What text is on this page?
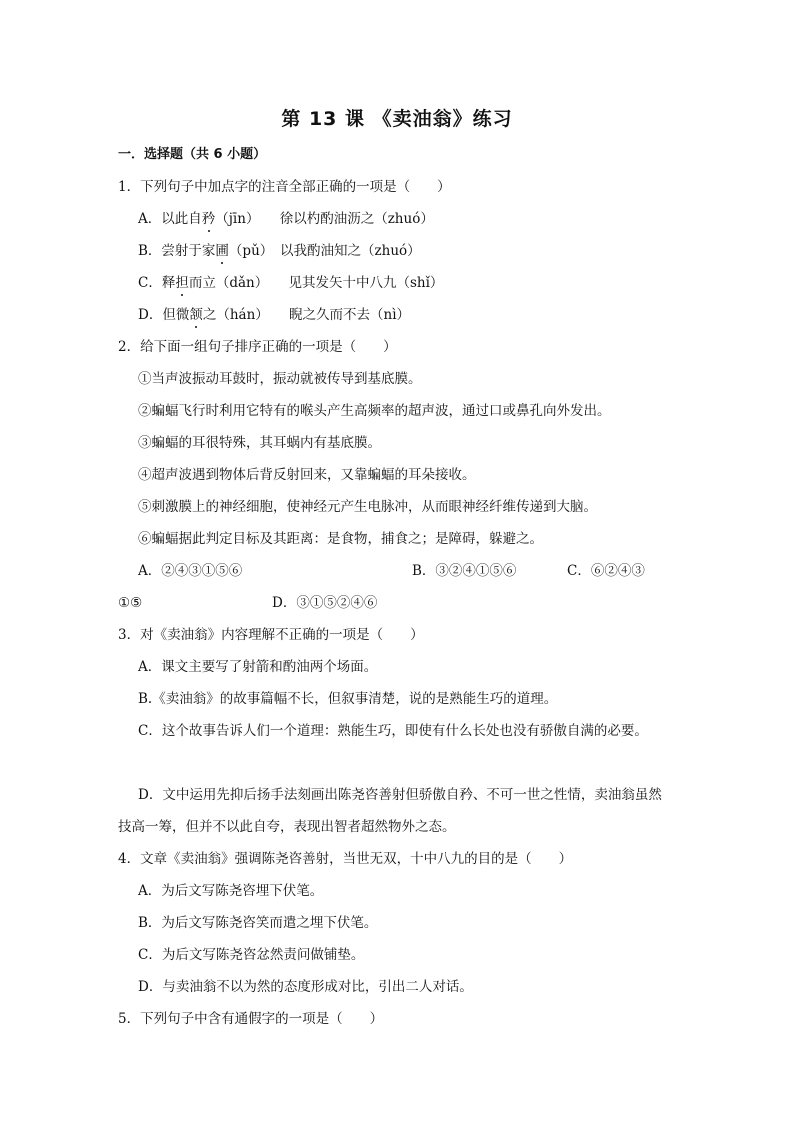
第 13 课 《卖油翁》练习
一．选择题（共 6 小题）
1．下列句子中加点字的注音全部正确的一项是（　　）
A．以此自矜（jīn）　　徐以杓酌油沥之（zhuó）
B．尝射于家圃（pǔ）　以我酌油知之（zhuó）
C．释担而立（dǎn）　　见其发矢十中八九（shǐ）
D．但微颔之（hán）　　睨之久而不去（nì）
2．给下面一组句子排序正确的一项是（　　）
①当声波振动耳鼓时，振动就被传导到基底膜。
②蝙蝠飞行时利用它特有的喉头产生高频率的超声波，通过口或鼻孔向外发出。
③蝙蝠的耳很特殊，其耳蜗内有基底膜。
④超声波遇到物体后背反射回来，又靠蝙蝠的耳朵接收。
⑤刺激膜上的神经细胞，使神经元产生电脉冲，从而眼神经纤维传递到大脑。
⑥蝙蝠据此判定目标及其距离：是食物，捕食之；是障碍，躲避之。
A．②④③①⑤⑥	B．③②④①⑤⑥	C．⑥②④③
①⑤	D．③①⑤②④⑥
3．对《卖油翁》内容理解不正确的一项是（　　）
A．课文主要写了射箭和酌油两个场面。
B.《卖油翁》的故事篇幅不长，但叙事清楚，说的是熟能生巧的道理。
C．这个故事告诉人们一个道理：熟能生巧，即使有什么长处也没有骄傲自满的必要。
D．文中运用先抑后扬手法刻画出陈尧咨善射但骄傲自矜、不可一世之性情，卖油翁虽然
技高一筹，但并不以此自夸，表现出智者超然物外之态。
4．文章《卖油翁》强调陈尧咨善射，当世无双，十中八九的目的是（　　）
A．为后文写陈尧咨埋下伏笔。
B．为后文写陈尧咨笑而遣之埋下伏笔。
C．为后文写陈尧咨忿然责问做铺垫。
D．与卖油翁不以为然的态度形成对比，引出二人对话。
5．下列句子中含有通假字的一项是（　　）
